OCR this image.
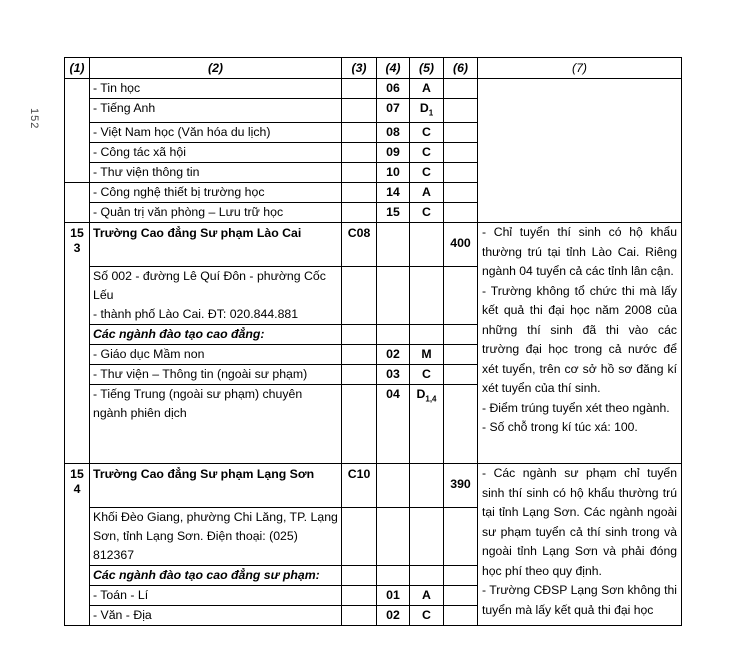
152
(1)	(2)	(3)	(4)	(5)	(6)	(7)
	- Tin học		06	A		
	- Tiếng Anh		07	$D_1$	
	- Việt Nam học (Văn hóa du lịch)		08	C		
	- Công tác xã hội		09	C		
	- Thư viện thông tin		10	C		
	- Công nghệ thiết bị trường học		14	A		
	- Quản trị văn phòng – Lưu trữ học		15	C		
15 3	Trường Cao đẳng Sư phạm Lào Cai	C08			400	- Chỉ tuyển thí sinh có hộ khẩu thường trú tại tỉnh Lào Cai. Riêng ngành 04 tuyển cả các tỉnh lân cận.
- Trường không tổ chức thi mà lấy kết quả thi đại học năm 2008 của những thí sinh đã thi vào các trường đại học trong cả nước để xét tuyển, trên cơ sở hồ sơ đăng kí xét tuyển của thí sinh.
- Điểm trúng tuyển xét theo ngành.
- Số chỗ trong kí túc xá: 100.

	Số 002 - đường Lê Quí Đôn - phường Cốc Lếu
- thành phố Lào Cai. ĐT: 020.844.881					

	Các ngành đào tạo cao đẳng:					
	- Giáo dục Mầm non		02	M		
	- Thư viện – Thông tin (ngoài sư phạm)		03	C		
	- Tiếng Trung (ngoài sư phạm) chuyên ngành phiên dịch		04	$D_{1,4}$	
15 4	Trường Cao đẳng Sư phạm Lạng Sơn	C10			390	- Các ngành sư phạm chỉ tuyển sinh thí sinh có hộ khẩu thường trú tại tỉnh Lạng Sơn. Các ngành ngoài sư phạm tuyển cả thí sinh trong và ngoài tỉnh Lạng Sơn và phải đóng học phí theo quy định.
- Trường CĐSP Lạng Sơn không thi tuyển mà lấy kết quả thi đại học

	Khối Đèo Giang, phường Chi Lăng, TP. Lạng
Sơn, tỉnh Lạng Sơn. Điện thoại: (025) 812367					

	Các ngành đào tạo cao đẳng sư phạm:					
	- Toán - Lí		01	A		
	- Văn - Địa		02	C		
